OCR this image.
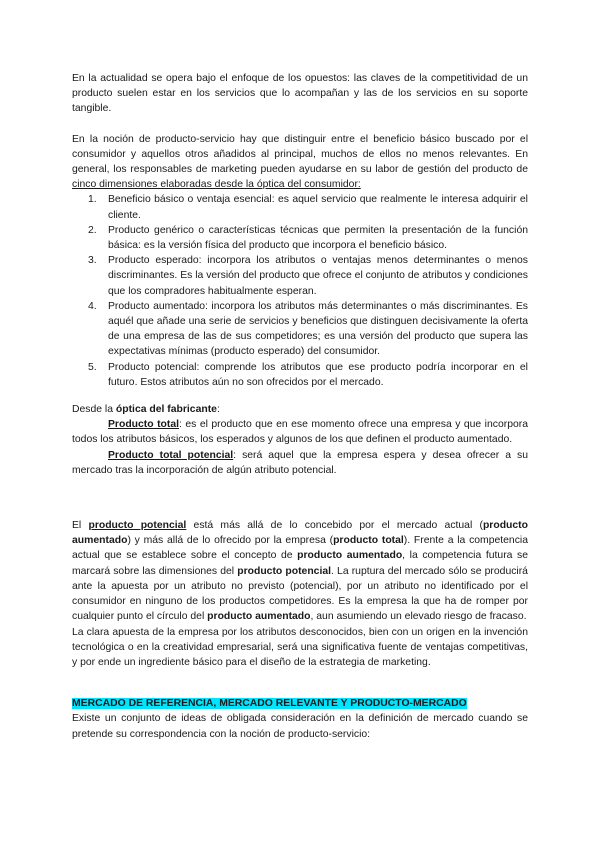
En la actualidad se opera bajo el enfoque de los opuestos: las claves de la competitividad de un producto suelen estar en los servicios que lo acompañan y las de los servicios en su soporte tangible.

En la noción de producto-servicio hay que distinguir entre el beneficio básico buscado por el consumidor y aquellos otros añadidos al principal, muchos de ellos no menos relevantes. En general, los responsables de marketing pueden ayudarse en su labor de gestión del producto de cinco dimensiones elaboradas desde la óptica del consumidor:

1. Beneficio básico o ventaja esencial: es aquel servicio que realmente le interesa adquirir el cliente.
2. Producto genérico o características técnicas que permiten la presentación de la función básica: es la versión física del producto que incorpora el beneficio básico.
3. Producto esperado: incorpora los atributos o ventajas menos determinantes o menos discriminantes. Es la versión del producto que ofrece el conjunto de atributos y condiciones que los compradores habitualmente esperan.
4. Producto aumentado: incorpora los atributos más determinantes o más discriminantes. Es aquél que añade una serie de servicios y beneficios que distinguen decisivamente la oferta de una empresa de las de sus competidores; es una versión del producto que supera las expectativas mínimas (producto esperado) del consumidor.
5. Producto potencial: comprende los atributos que ese producto podría incorporar en el futuro. Estos atributos aún no son ofrecidos por el mercado.

Desde la óptica del fabricante:

Producto total: es el producto que en ese momento ofrece una empresa y que incorpora todos los atributos básicos, los esperados y algunos de los que definen el producto aumentado.

Producto total potencial: será aquel que la empresa espera y desea ofrecer a su mercado tras la incorporación de algún atributo potencial.

El producto potencial está más allá de lo concebido por el mercado actual (producto aumentado) y más allá de lo ofrecido por la empresa (producto total). Frente a la competencia actual que se establece sobre el concepto de producto aumentado, la competencia futura se marcará sobre las dimensiones del producto potencial. La ruptura del mercado sólo se producirá ante la apuesta por un atributo no previsto (potencial), por un atributo no identificado por el consumidor en ninguno de los productos competidores. Es la empresa la que ha de romper por cualquier punto el círculo del producto aumentado, aun asumiendo un elevado riesgo de fracaso.

La clara apuesta de la empresa por los atributos desconocidos, bien con un origen en la invención tecnológica o en la creatividad empresarial, será una significativa fuente de ventajas competitivas, y por ende un ingrediente básico para el diseño de la estrategia de marketing.

MERCADO DE REFERENCIA, MERCADO RELEVANTE Y PRODUCTO-MERCADO

Existe un conjunto de ideas de obligada consideración en la definición de mercado cuando se pretende su correspondencia con la noción de producto-servicio:
